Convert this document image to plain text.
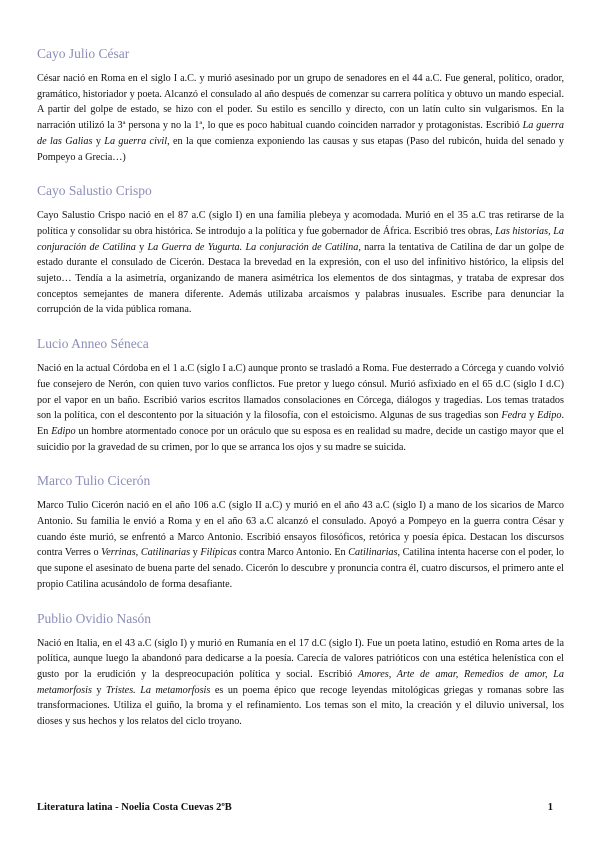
Cayo Julio César

César nació en Roma en el siglo I a.C. y murió asesinado por un grupo de senadores en el 44 a.C. Fue general, político, orador, gramático, historiador y poeta. Alcanzó el consulado al año después de comenzar su carrera política y obtuvo un mando especial. A partir del golpe de estado, se hizo con el poder. Su estilo es sencillo y directo, con un latín culto sin vulgarismos. En la narración utilizó la 3ª persona y no la 1ª, lo que es poco habitual cuando coinciden narrador y protagonistas. Escribió La guerra de las Galias y La guerra civil, en la que comienza exponiendo las causas y sus etapas (Paso del rubicón, huida del senado y Pompeyo a Grecia…)

Cayo Salustio Crispo

Cayo Salustio Crispo nació en el 87 a.C (siglo I) en una familia plebeya y acomodada. Murió en el 35 a.C tras retirarse de la política y consolidar su obra histórica. Se introdujo a la política y fue gobernador de África. Escribió tres obras, Las historias, La conjuración de Catilina y La Guerra de Yugurta. La conjuración de Catilina, narra la tentativa de Catilina de dar un golpe de estado durante el consulado de Cicerón. Destaca la brevedad en la expresión, con el uso del infinitivo histórico, la elipsis del sujeto… Tendía a la asimetría, organizando de manera asimétrica los elementos de dos sintagmas, y trataba de expresar dos conceptos semejantes de manera diferente. Además utilizaba arcaísmos y palabras inusuales. Escribe para denunciar la corrupción de la vida pública romana.

Lucio Anneo Séneca

Nació en la actual Córdoba en el 1 a.C (siglo I a.C) aunque pronto se trasladó a Roma. Fue desterrado a Córcega y cuando volvió fue consejero de Nerón, con quien tuvo varios conflictos. Fue pretor y luego cónsul. Murió asfixiado en el 65 d.C (siglo I d.C) por el vapor en un baño. Escribió varios escritos llamados consolaciones en Córcega, diálogos y tragedias. Los temas tratados son la política, con el descontento por la situación y la filosofía, con el estoicismo. Algunas de sus tragedias son Fedra y Edipo. En Edipo un hombre atormentado conoce por un oráculo que su esposa es en realidad su madre, decide un castigo mayor que el suicidio por la gravedad de su crimen, por lo que se arranca los ojos y su madre se suicida.

Marco Tulio Cicerón

Marco Tulio Cicerón nació en el año 106 a.C (siglo II a.C) y murió en el año 43 a.C (siglo I) a mano de los sicarios de Marco Antonio. Su familia le envió a Roma y en el año 63 a.C alcanzó el consulado. Apoyó a Pompeyo en la guerra contra César y cuando éste murió, se enfrentó a Marco Antonio. Escribió ensayos filosóficos, retórica y poesía épica. Destacan los discursos contra Verres o Verrinas, Catilinarias y Filípicas contra Marco Antonio. En Catilinarias, Catilina intenta hacerse con el poder, lo que supone el asesinato de buena parte del senado. Cicerón lo descubre y pronuncia contra él, cuatro discursos, el primero ante el propio Catilina acusándolo de forma desafiante.

Publio Ovidio Nasón

Nació en Italia, en el 43 a.C (siglo I) y murió en Rumanía en el 17 d.C (siglo I). Fue un poeta latino, estudió en Roma artes de la política, aunque luego la abandonó para dedicarse a la poesía. Carecía de valores patrióticos con una estética helenística con el gusto por la erudición y la despreocupación política y social. Escribió Amores, Arte de amar, Remedios de amor, La metamorfosis y Tristes. La metamorfosis es un poema épico que recoge leyendas mitológicas griegas y romanas sobre las transformaciones. Utiliza el guiño, la broma y el refinamiento. Los temas son el mito, la creación y el diluvio universal, los dioses y sus hechos y los relatos del ciclo troyano.

Literatura latina - Noelia Costa Cuevas 2ºB	1
